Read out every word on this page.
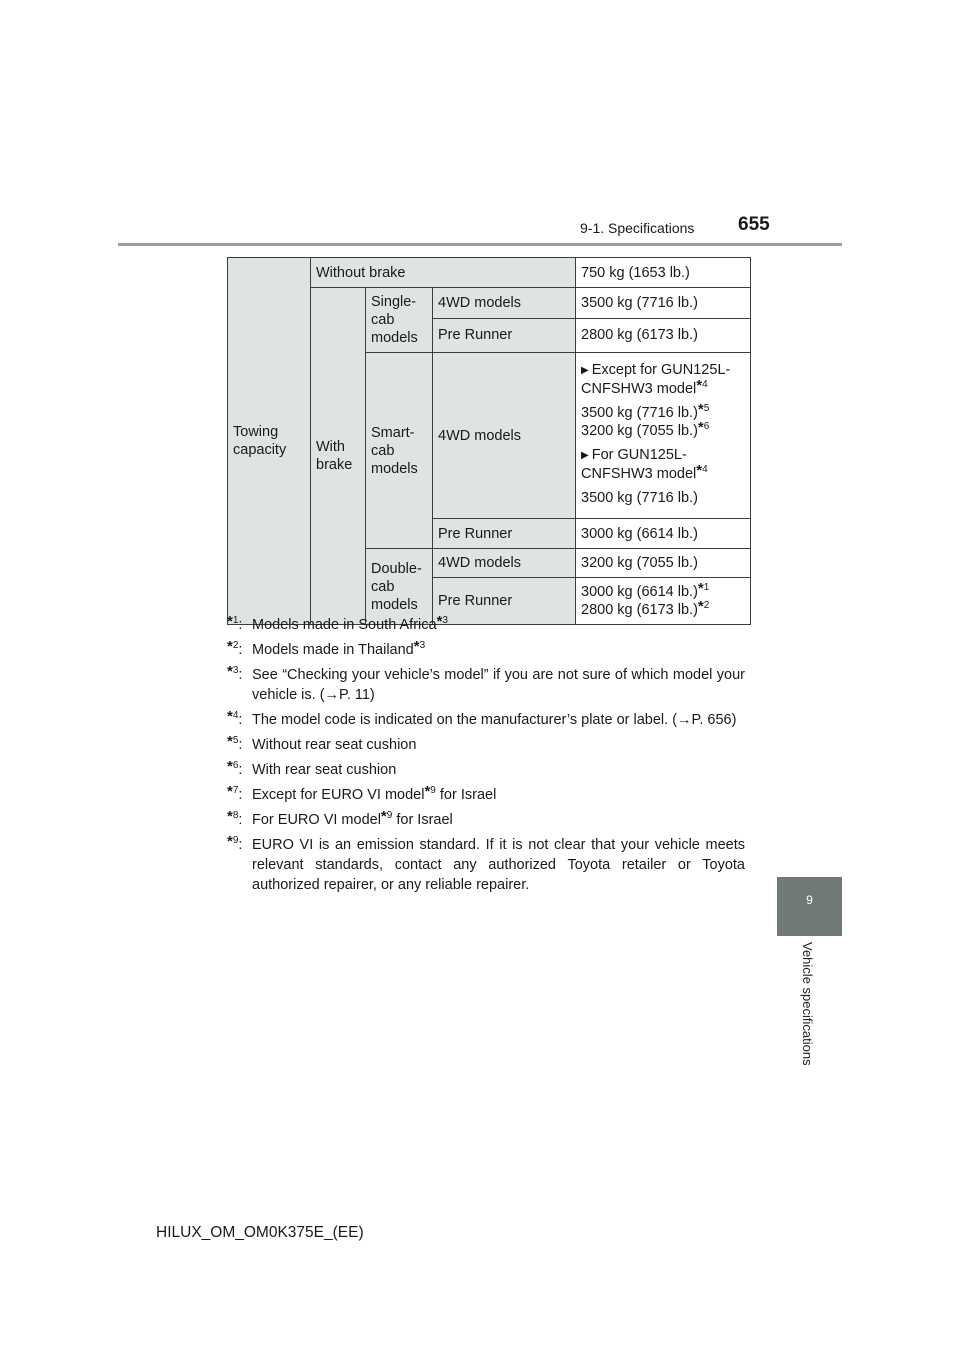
9-1. Specifications 655
9
Vehicle specifications
Towing capacity	Without brake			750 kg (1653 lb.)
	With brake	Single-cab models	4WD models	3500 kg (7716 lb.)
			Pre Runner	2800 kg (6173 lb.)
		Smart-cab models	4WD models	▶ Except for GUN125L-CNFSHW3 model$^{*4}$
3500 kg (7716 lb.)$^{*5}$
3200 kg (7055 lb.)$^{*6}$
▶ For GUN125L-CNFSHW3 model$^{*4}$
3500 kg (7716 lb.)

			Pre Runner	3000 kg (6614 lb.)
		Double-cab models	4WD models	3200 kg (7055 lb.)
			Pre Runner	3000 kg (6614 lb.)$^{*1}$
2800 kg (6173 lb.)$^{*2}$
$^{*1}$: Models made in South Africa$^{*3}$
$^{*2}$: Models made in Thailand$^{*3}$
$^{*3}$: See “Checking your vehicle’s model” if you are not sure of which model your vehicle is. (→P. 11)
$^{*4}$: The model code is indicated on the manufacturer’s plate or label. (→P. 656)
$^{*5}$: Without rear seat cushion
$^{*6}$: With rear seat cushion
$^{*7}$: Except for EURO VI model$^{*9}$ for Israel
$^{*8}$: For EURO VI model$^{*9}$ for Israel
$^{*9}$: EURO VI is an emission standard. If it is not clear that your vehicle meets relevant standards, contact any authorized Toyota retailer or Toyota authorized repairer, or any reliable repairer.
HILUX_OM_OM0K375E_(EE)
